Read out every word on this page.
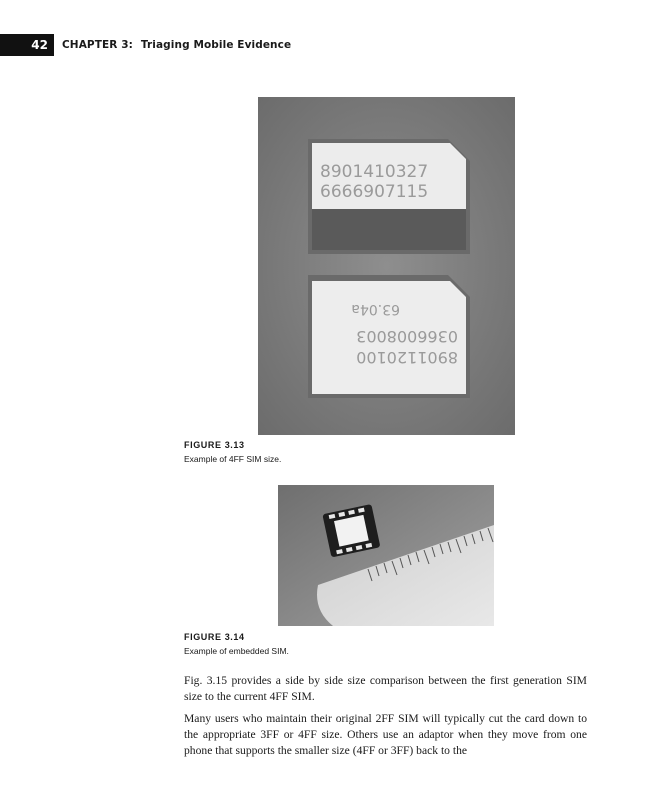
42	CHAPTER 3: Triaging Mobile Evidence
8901410327
6666907115
890112010​0
0366008003
63.04a
FIGURE 3.13
Example of 4FF SIM size.
FIGURE 3.14
Example of embedded SIM.

Fig. 3.15 provides a side by side size comparison between the first generation SIM size to the current 4FF SIM.

Many users who maintain their original 2FF SIM will typically cut the card down to the appropriate 3FF or 4FF size. Others use an adaptor when they move from one phone that supports the smaller size (4FF or 3FF) back to the
